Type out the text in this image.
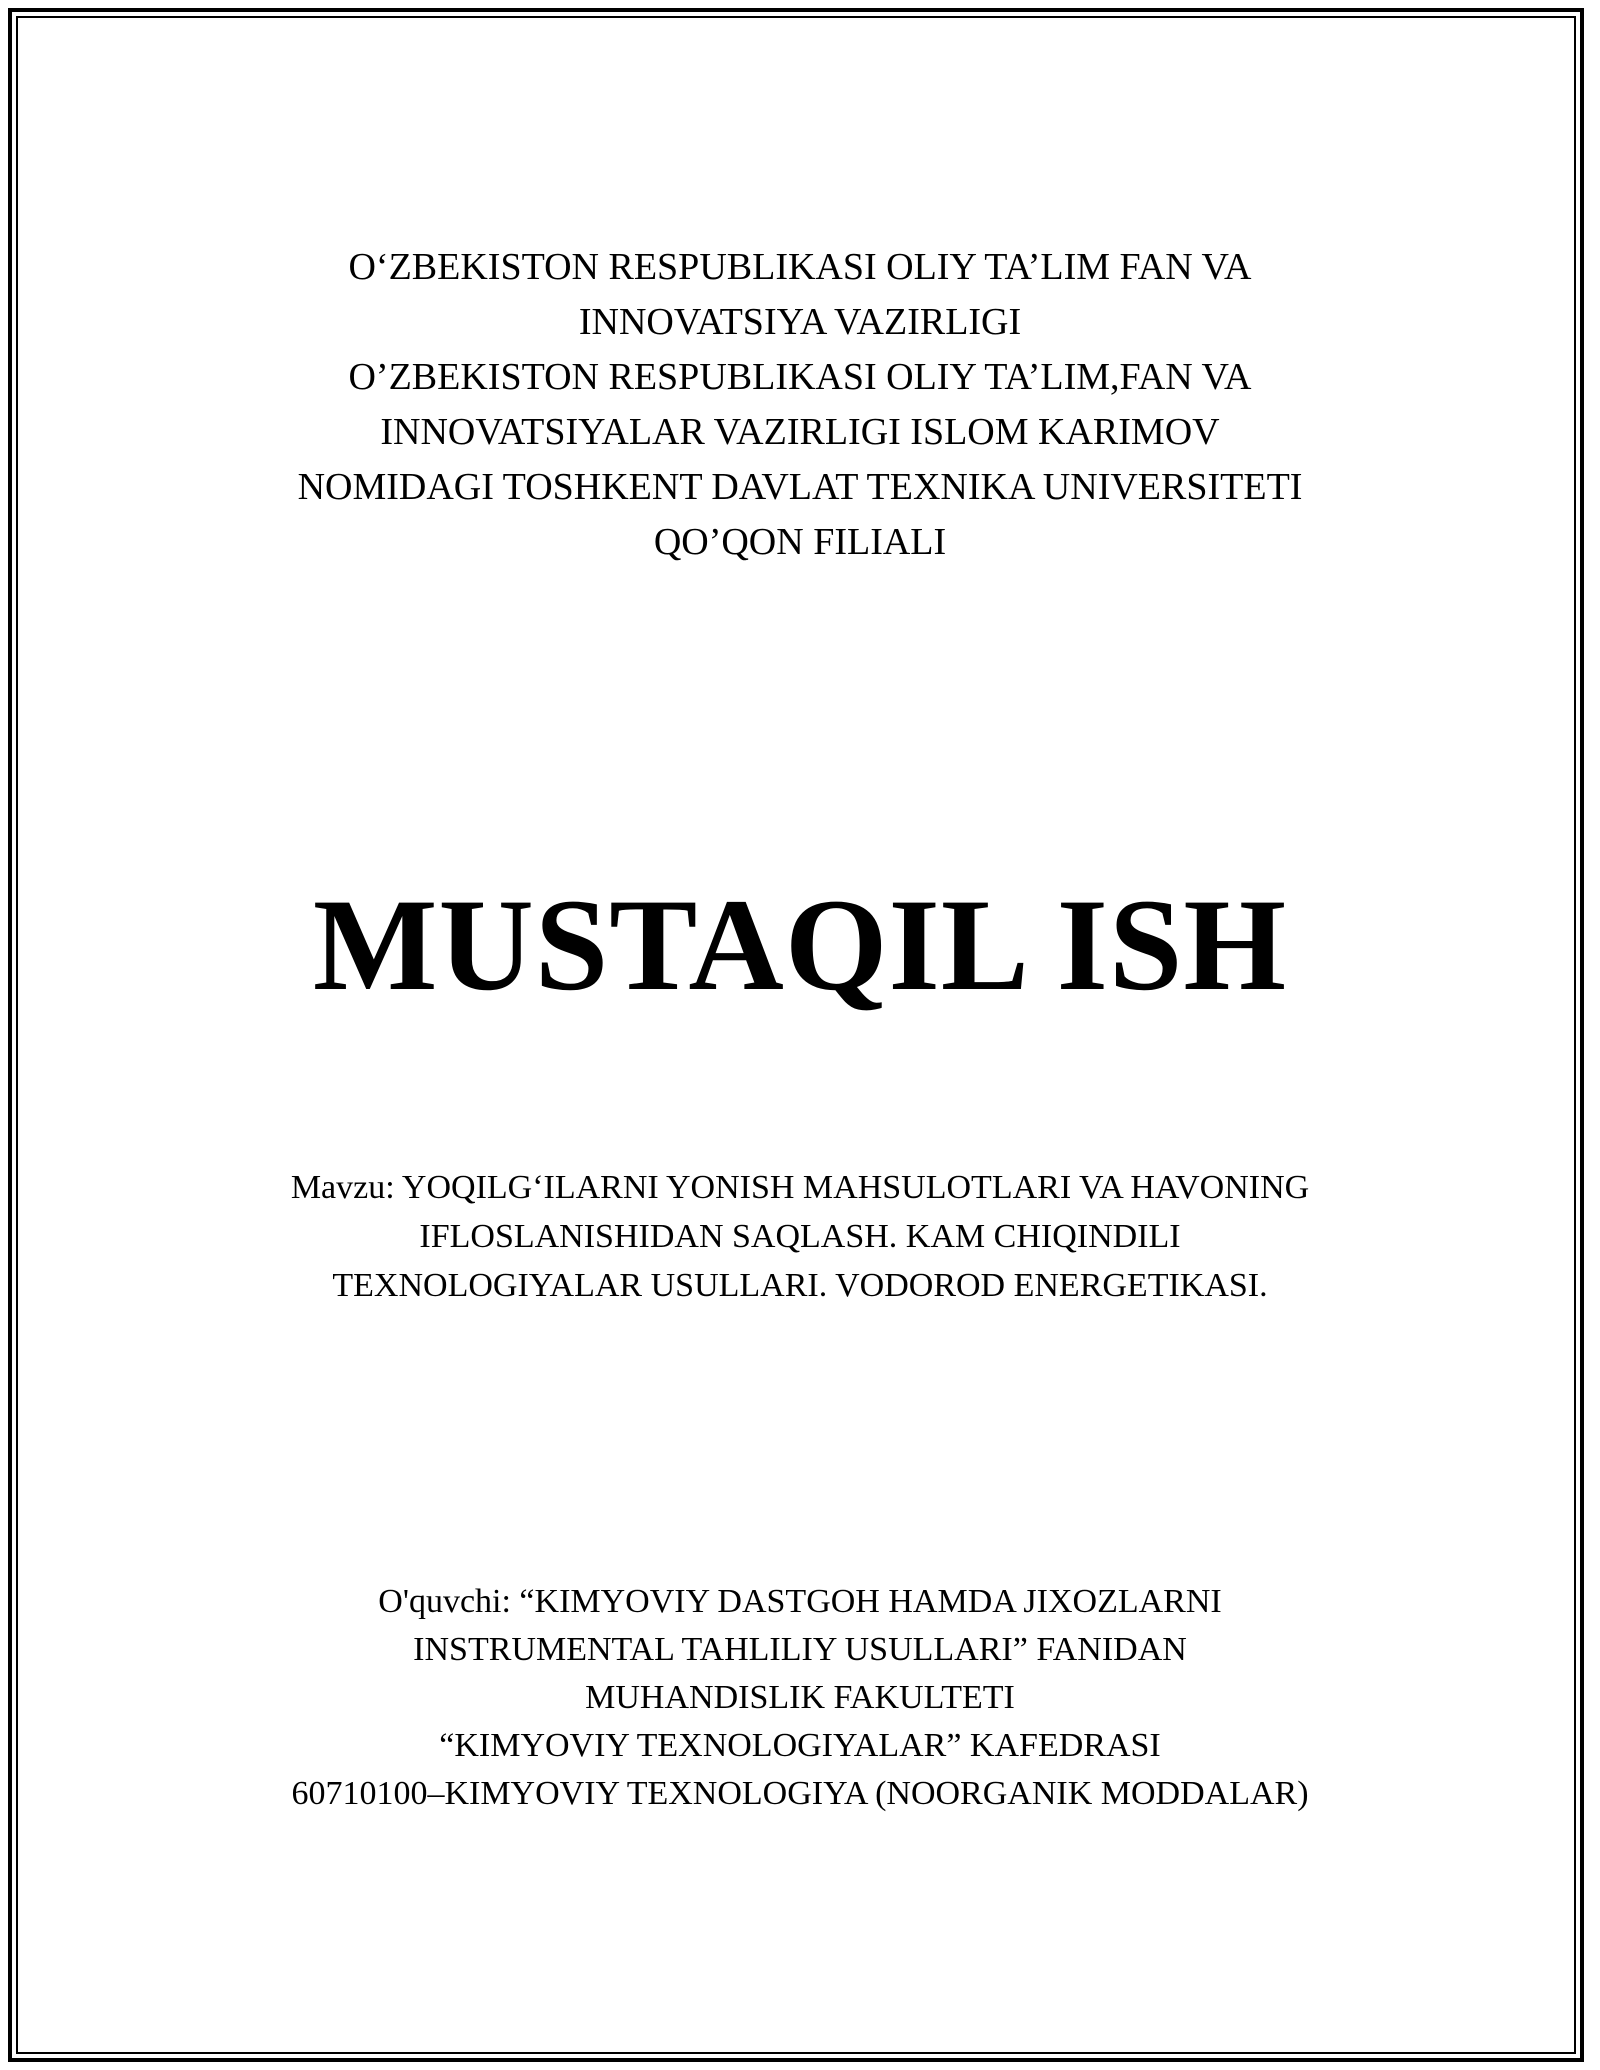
O‘ZBEKISTON RESPUBLIKASI OLIY TA’LIM FAN VA
INNOVATSIYA VAZIRLIGI
O’ZBEKISTON RESPUBLIKASI OLIY TA’LIM,FAN VA
INNOVATSIYALAR VAZIRLIGI ISLOM KARIMOV
NOMIDAGI TOSHKENT DAVLAT TEXNIKA UNIVERSITETI
QO’QON FILIALI
MUSTAQIL ISH
Mavzu: YOQILG‘ILARNI YONISH MAHSULOTLARI VA HAVONING
IFLOSLANISHIDAN SAQLASH. KAM CHIQINDILI
TEXNOLOGIYALAR USULLARI. VODOROD ENERGETIKASI.
O'quvchi: “KIMYOVIY DASTGOH HAMDA JIXOZLARNI
INSTRUMENTAL TAHLILIY USULLARI” FANIDAN
MUHANDISLIK FAKULTETI
“KIMYOVIY TEXNOLOGIYALAR” KAFEDRASI
60710100–KIMYOVIY TEXNOLOGIYA (NOORGANIK MODDALAR)
